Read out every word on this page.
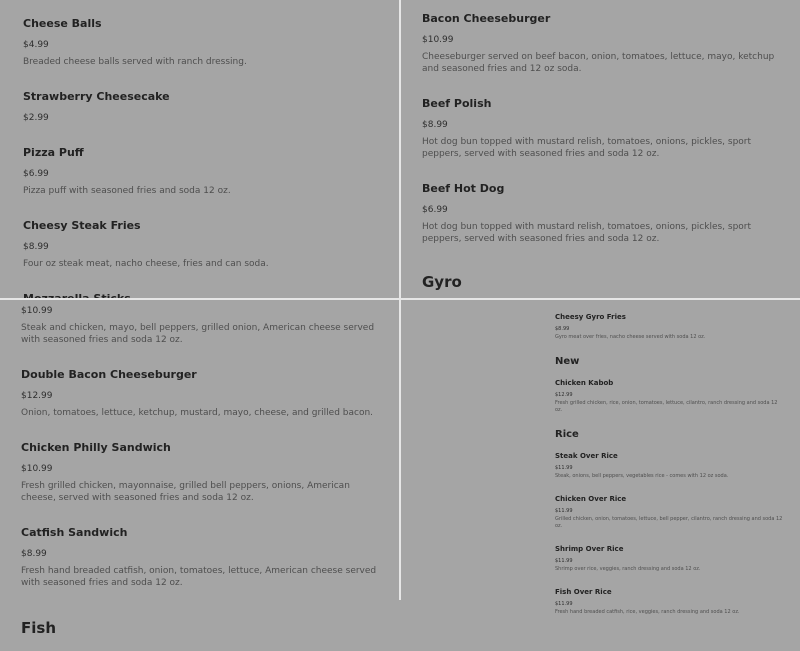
Cheese Balls
$4.99
Breaded cheese balls served with ranch dressing.
Strawberry Cheesecake
$2.99
Pizza Puff
$6.99
Pizza puff with seasoned fries and soda 12 oz.
Cheesy Steak Fries
$8.99
Four oz steak meat, nacho cheese, fries and can soda.
Bacon Cheeseburger
$10.99
Cheeseburger served on beef bacon, onion, tomatoes, lettuce, mayo, ketchup and seasoned fries and 12 oz soda.
Beef Polish
$8.99
Hot dog bun topped with mustard relish, tomatoes, onions, pickles, sport peppers, served with seasoned fries and soda 12 oz.
Beef Hot Dog
$6.99
Hot dog bun topped with mustard relish, tomatoes, onions, pickles, sport peppers, served with seasoned fries and soda 12 oz.
Gyro
$10.99
Steak and chicken, mayo, bell peppers, grilled onion, American cheese served with seasoned fries and soda 12 oz.
Double Bacon Cheeseburger
$12.99
Onion, tomatoes, lettuce, ketchup, mustard, mayo, cheese, and grilled bacon.
Chicken Philly Sandwich
$10.99
Fresh grilled chicken, mayonnaise, grilled bell peppers, onions, American cheese, served with seasoned fries and soda 12 oz.
Catfish Sandwich
$8.99
Fresh hand breaded catfish, onion, tomatoes, lettuce, American cheese served with seasoned fries and soda 12 oz.
Fish
Cheesy Gyro Fries
$8.99
Gyro meat over fries, nacho cheese served with soda 12 oz.
New
Chicken Kabob
$12.99
Fresh grilled chicken, rice, onion, tomatoes, lettuce, cilantro, ranch dressing and soda 12 oz.
Rice
Steak Over Rice
$11.99
Steak, onions, bell peppers, vegetables rice - comes with 12 oz soda.
Chicken Over Rice
$11.99
Grilled chicken, onion, tomatoes, lettuce, bell pepper, cilantro, ranch dressing and soda 12 oz.
Shrimp Over Rice
$11.99
Shrimp over rice, veggies, ranch dressing and soda 12 oz.
Fish Over Rice
$11.99
Fresh hand breaded catfish, rice, veggies, ranch dressing and soda 12 oz.
